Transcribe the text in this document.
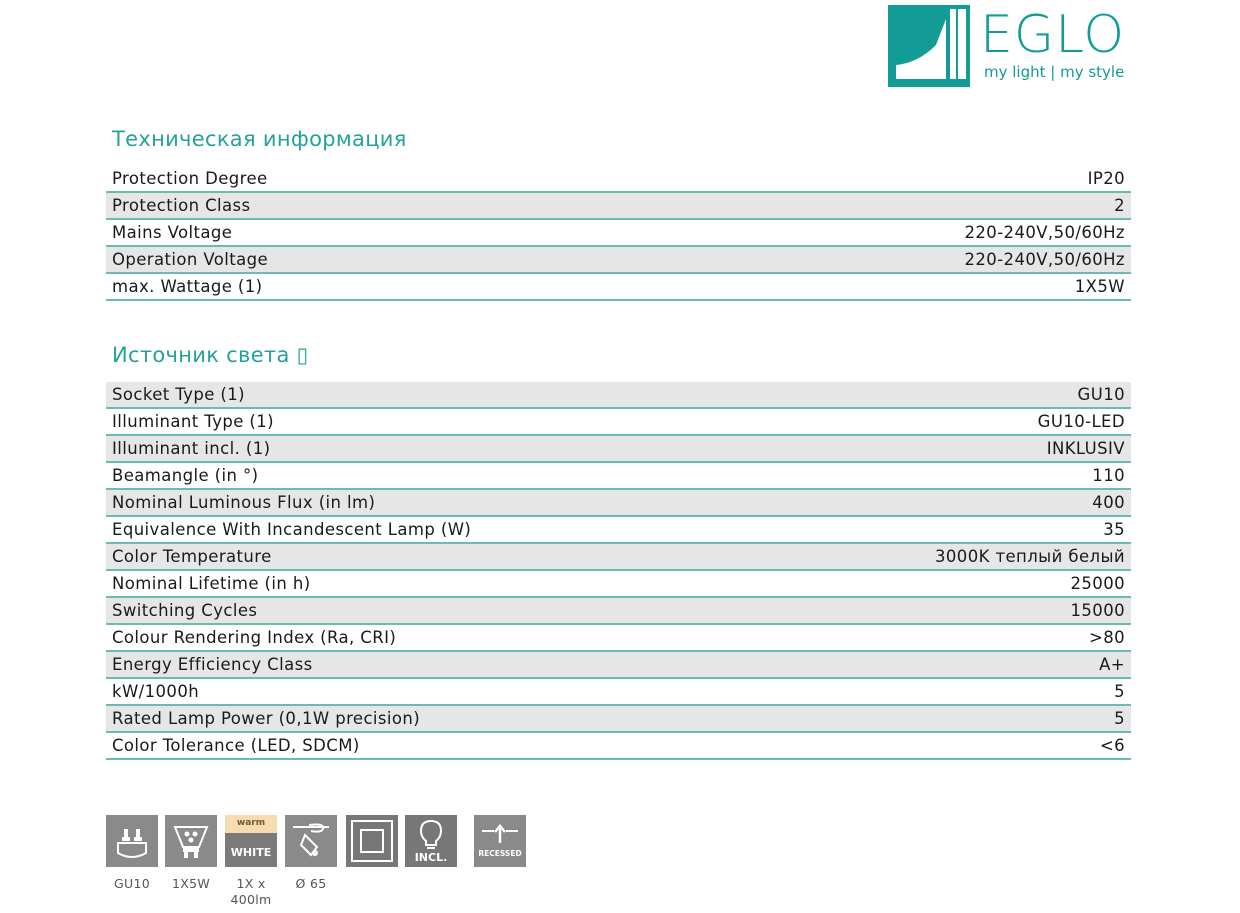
EGLO
my light | my style
Техническая информация
Protection Degree	IP20
Protection Class	2
Mains Voltage	220-240V,50/60Hz
Operation Voltage	220-240V,50/60Hz
max. Wattage (1)	1X5W
Источник света ▯
Socket Type (1)	GU10
Illuminant Type (1)	GU10-LED
Illuminant incl. (1)	INKLUSIV
Beamangle (in °)	110
Nominal Luminous Flux (in lm)	400
Equivalence With Incandescent Lamp (W)	35
Color Temperature	3000K теплый белый
Nominal Lifetime (in h)	25000
Switching Cycles	15000
Colour Rendering Index (Ra, CRI)	>80
Energy Efficiency Class	A+
kW/1000h	5
Rated Lamp Power (0,1W precision)	5
Color Tolerance (LED, SDCM)	<6
GU10	1X5W
warm
WHITE
1X x
400lm
Ø 65
INCL.	RECESSED
